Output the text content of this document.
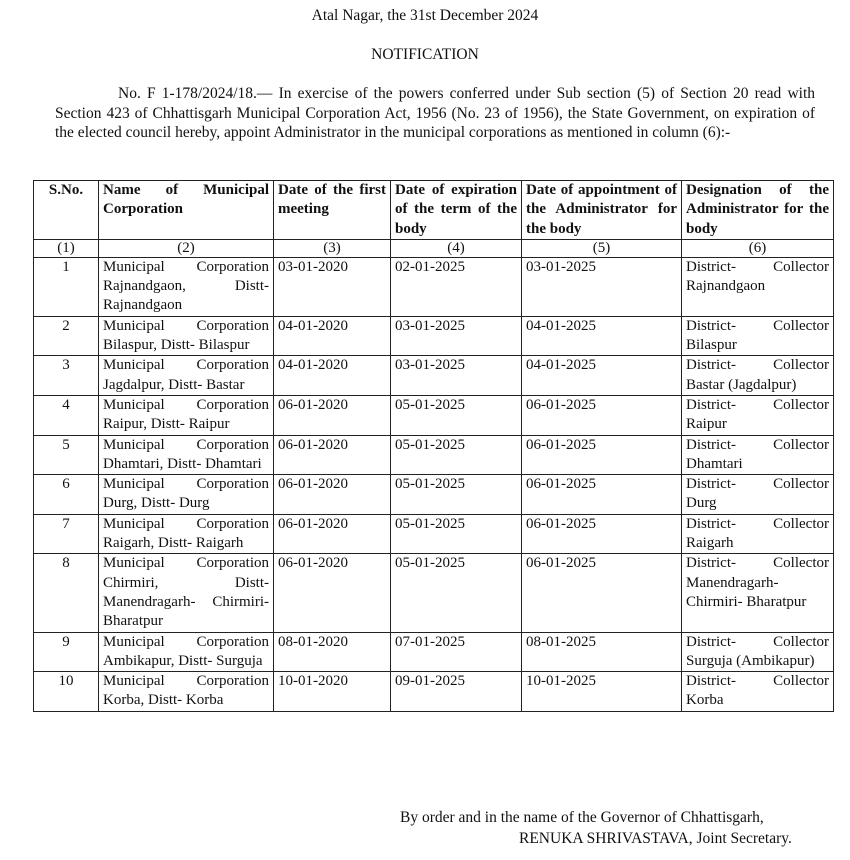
Atal Nagar, the 31st December 2024
NOTIFICATION
No. F 1-178/2024/18.— In exercise of the powers conferred under Sub section (5) of Section 20 read with Section 423 of Chhattisgarh Municipal Corporation Act, 1956 (No. 23 of 1956), the State Government, on expiration of the elected council hereby, appoint Administrator in the municipal corporations as mentioned in column (6):-
S.No.	Name of Municipal Corporation	Date of the first meeting	Date of expiration of the term of the body	Date of appointment of the Administrator for the body	Designation of the Administrator for the body
(1)	(2)	(3)	(4)	(5)	(6)
1	Municipal Corporation Rajnandgaon, Distt- Rajnandgaon	03-01-2020	02-01-2025	03-01-2025	District- Collector Rajnandgaon
2	Municipal Corporation Bilaspur, Distt- Bilaspur	04-01-2020	03-01-2025	04-01-2025	District- Collector Bilaspur
3	Municipal Corporation Jagdalpur, Distt- Bastar	04-01-2020	03-01-2025	04-01-2025	District- Collector Bastar (Jagdalpur)
4	Municipal Corporation Raipur, Distt- Raipur	06-01-2020	05-01-2025	06-01-2025	District- Collector Raipur
5	Municipal Corporation Dhamtari, Distt- Dhamtari	06-01-2020	05-01-2025	06-01-2025	District- Collector Dhamtari
6	Municipal Corporation Durg, Distt- Durg	06-01-2020	05-01-2025	06-01-2025	District- Collector Durg
7	Municipal Corporation Raigarh, Distt- Raigarh	06-01-2020	05-01-2025	06-01-2025	District- Collector Raigarh
8	Municipal Corporation Chirmiri, Distt- Manendragarh- Chirmiri- Bharatpur	06-01-2020	05-01-2025	06-01-2025	District- Collector Manendragarh- Chirmiri- Bharatpur
9	Municipal Corporation Ambikapur, Distt- Surguja	08-01-2020	07-01-2025	08-01-2025	District- Collector Surguja (Ambikapur)
10	Municipal Corporation Korba, Distt- Korba	10-01-2020	09-01-2025	10-01-2025	District- Collector Korba
By order and in the name of the Governor of Chhattisgarh,
RENUKA SHRIVASTAVA, Joint Secretary.
